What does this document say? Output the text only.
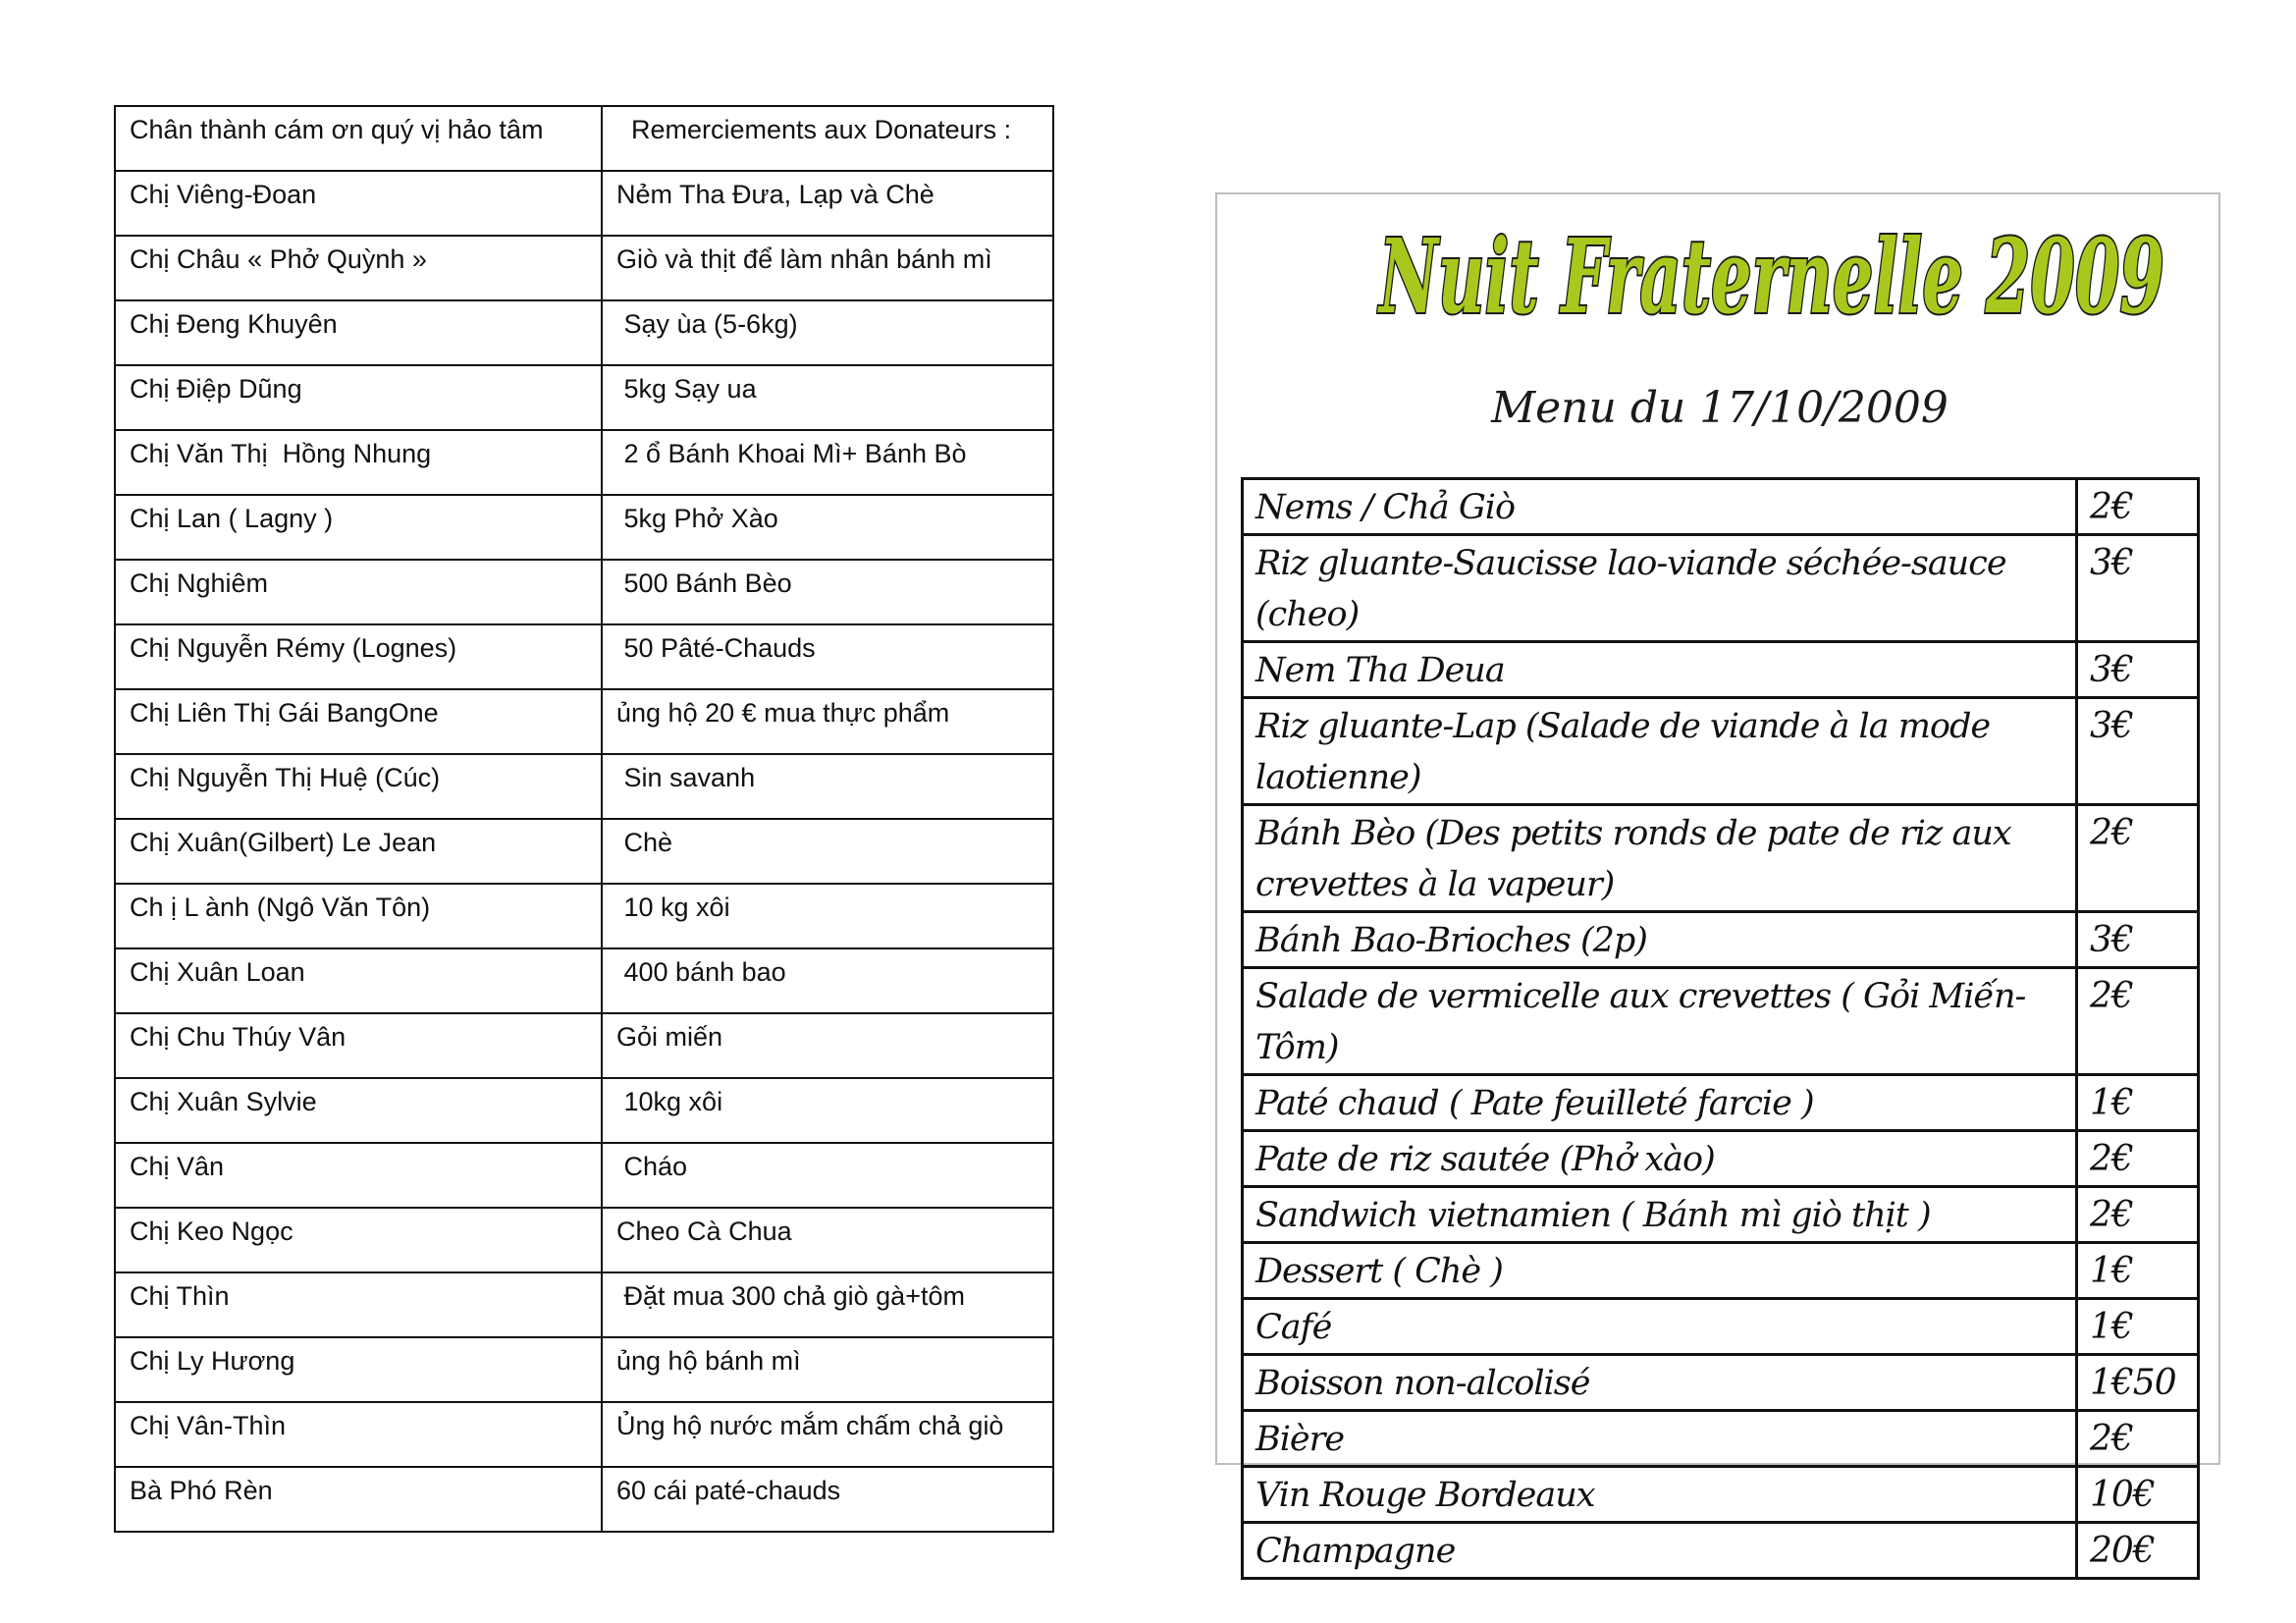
Chân thành cám ơn quý vị hảo tâm	Remerciements aux Donateurs :
Chị Viêng-Đoan	Nẻm Tha Đưa, Lạp và Chè
Chị Châu « Phở Quỳnh »	Giò và thịt để làm nhân bánh mì
Chị Đeng Khuyên	Sạy ùa (5-6kg)
Chị Điệp Dũng	5kg Sạy ua
Chị Văn Thị  Hồng Nhung	2 ổ Bánh Khoai Mì+ Bánh Bò
Chị Lan ( Lagny )	5kg Phở Xào
Chị Nghiêm	500 Bánh Bèo
Chị Nguyễn Rémy (Lognes)	50 Pâté-Chauds
Chị Liên Thị Gái BangOne	ủng hộ 20 € mua thực phẩm
Chị Nguyễn Thị Huệ (Cúc)	Sin savanh
Chị Xuân(Gilbert) Le Jean	Chè
Ch ị L ành (Ngô Văn Tôn)	10 kg xôi
Chị Xuân Loan	400 bánh bao
Chị Chu Thúy Vân	Gỏi miến
Chị Xuân Sylvie	10kg xôi
Chị Vân	Cháo
Chị Keo Ngọc	Cheo Cà Chua
Chị Thìn	Đặt mua 300 chả giò gà+tôm
Chị Ly Hương	ủng hộ bánh mì
Chị Vân-Thìn	Ủng hộ nước mắm chấm chả giò
Bà Phó Rèn	60 cái paté-chauds
Nuit Fraternelle 2009
Menu du 17/10/2009
Nems / Chả Giò	2€
Riz gluante-Saucisse lao-viande séchée-sauce (cheo)	3€
Nem Tha Deua	3€
Riz gluante-Lap (Salade de viande à la mode laotienne)	3€
Bánh Bèo (Des petits ronds de pate de riz aux crevettes à la vapeur)	2€
Bánh Bao-Brioches (2p)	3€
Salade de vermicelle aux crevettes ( Gỏi Miến-Tôm)	2€
Paté chaud ( Pate feuilleté farcie )	1€
Pate de riz sautée (Phở xào)	2€
Sandwich vietnamien ( Bánh mì giò thịt )	2€
Dessert ( Chè )	1€
Café	1€
Boisson non-alcolisé	1€50
Bière	2€
Vin Rouge Bordeaux	10€
Champagne	20€
